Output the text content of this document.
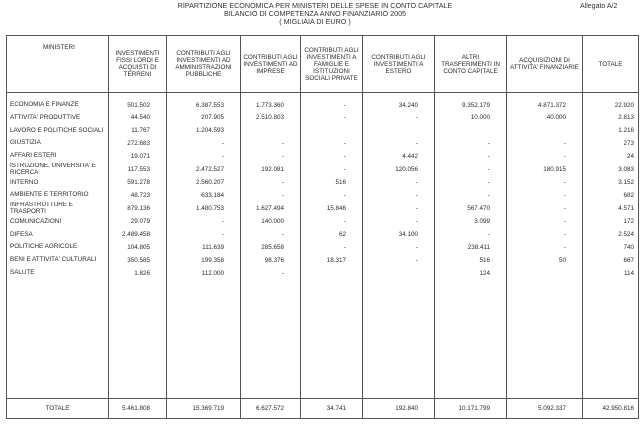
RIPARTIZIONE ECONOMICA PER MINISTERI DELLE SPESE IN CONTO CAPITALE
BILANCIO DI COMPETENZA ANNO FINANZIARIO 2005
( MIGLIAIA DI EURO )
Allegato A/2
MINISTERI	INVESTIMENTI FISSI LORDI E ACQUISTI DI TERRENI	CONTRIBUTI AGLI INVESTIMENTI AD AMMINISTRAZIONI PUBBLICHE	CONTRIBUTI AGLI INVESTIMENTI AD IMPRESE	CONTRIBUTI AGLI INVESTIMENTI A FAMIGLIE E ISTITUZIONI SOCIALI PRIVATE	CONTRIBUTI AGLI INVESTIMENTI A ESTERO	ALTRI TRASFERIMENTI IN CONTO CAPITALE	ACQUISIZIONI DI ATTIVITA' FINANZIARIE	TOTALE

ECONOMIA E FINANZE	501.502	6.387.553	1.773.360	-	34.240	9.352.179	4.871.372	22.920
ATTIVITA' PRODUTTIVE	44.540	207.905	2.510.803	-	-	10.000	40.000	2.813
LAVORO E POLITICHE SOCIALI	11.767	1.204.593						1.216
GIUSTIZIA	272.683	-	-	-	-	-	-	273
AFFARI ESTERI	19.071	-	-	-	4.442	-	-	24
ISTRUZIONE, UNIVERSITA' E RICERCA	117.553	2.472.527	192.081	-	120.056	-	180.915	3.083
INTERNO	591.278	2.560.207	-	516	-	-	-	3.152
AMBIENTE E TERRITORIO	48.723	633.184	-	-	-	-	-	682
INFRASTRUTTURE E TRASPORTI	879.136	1.480.753	1.627.494	15.846	-	567.470	-	4.571
COMUNICAZIONI	29.079	-	140.000	-	-	3.099	-	172
DIFESA	2.489.458	-	-	62	34.100	-	-	2.524
POLITICHE AGRICOLE	104.805	111.639	285.658	-	-	238.411	-	740
BENI E ATTIVITA' CULTURALI	350.585	199.358	98.376	18.317	-	516	50	667
SALUTE	1.826	112.000	-			124		114

TOTALE	5.461.808	15.369.719	6.627.572	34.741	192.840	10.171.799	5.092.337	42.950.816
